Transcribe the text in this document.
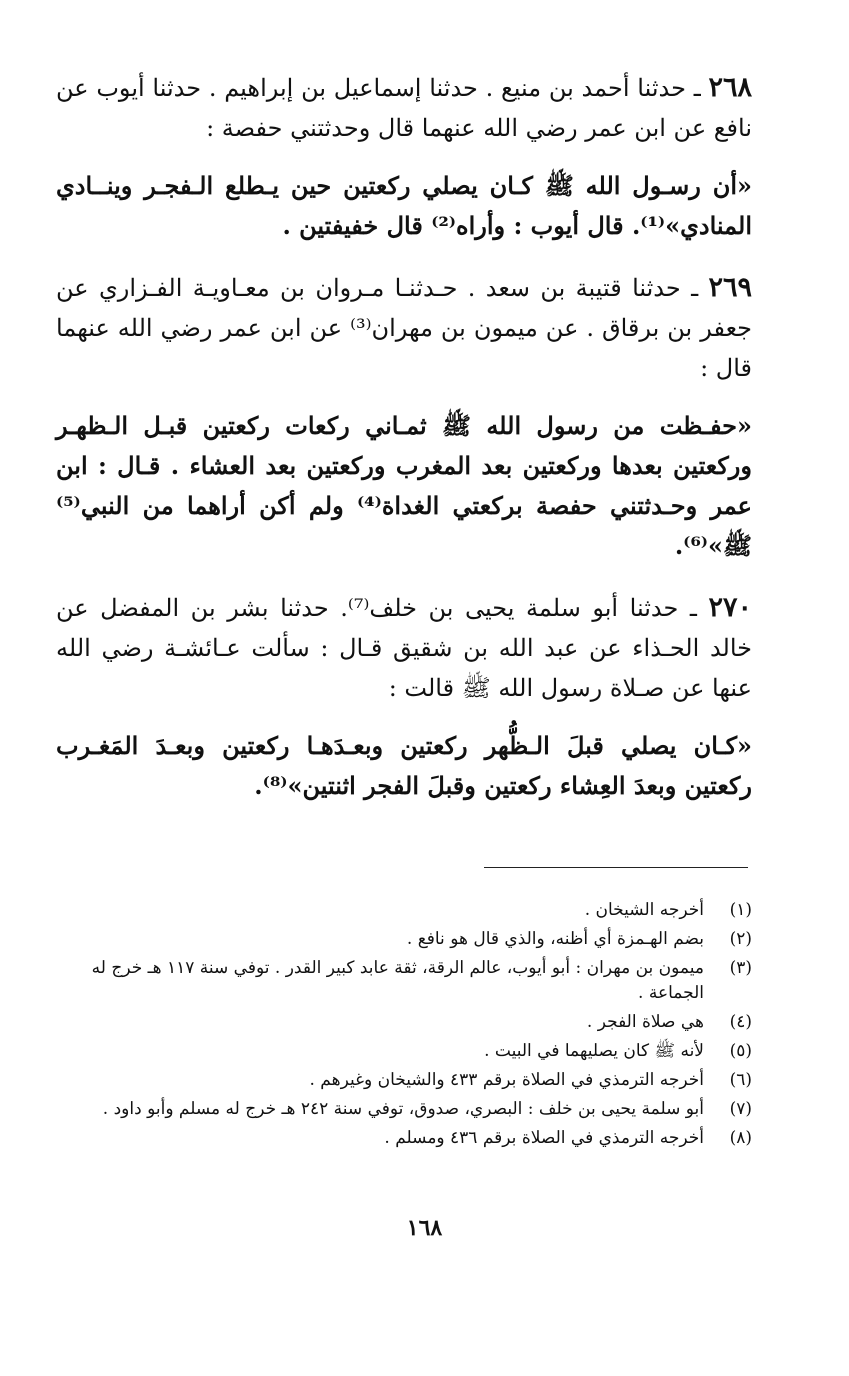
٢٦٨ ـ حدثنا أحمد بن منيع . حدثنا إسماعيل بن إبراهيم . حدثنا أيوب عن نافع عن ابن عمر رضي الله عنهما قال وحدثتني حفصة :

«أن رسـول الله ﷺ كـان يصلي ركعتين حين يـطلع الـفجـر وينــادي المنادي»⁽¹⁾. قال أيوب : وأراه⁽²⁾ قال خفيفتين .

٢٦٩ ـ حدثنا قتيبة بن سعد . حـدثنـا مـروان بن معـاويـة الفـزاري عن جعفر بن برقاق . عن ميمون بن مهران⁽³⁾ عن ابن عمر رضي الله عنهما قال :

«حفـظت من رسول الله ﷺ ثمـاني ركعات ركعتين قبـل الـظهـر وركعتين بعدها وركعتين بعد المغرب وركعتين بعد العشاء . قـال : ابن عمر وحـدثتني حفصة بركعتي الغداة⁽⁴⁾ ولم أكن أراهما من النبي⁽⁵⁾ ﷺ»⁽⁶⁾.

٢٧٠ ـ حدثنا أبو سلمة يحيى بن خلف⁽⁷⁾. حدثنا بشر بن المفضل عن خالد الحـذاء عن عبد الله بن شقيق قـال : سألت عـائشـة رضي الله عنها عن صـلاة رسول الله ﷺ قالت :

«كـان يصلي قبلَ الـظُّهر ركعتين وبعـدَهـا ركعتين وبعـدَ المَغـرب ركعتين وبعدَ العِشاء ركعتين وقبلَ الفجر اثنتين»⁽⁸⁾.

(١)
أخرجه الشيخان .
(٢)
بضم الهـمزة أي أظنه، والذي قال هو نافع .
(٣)
ميمون بن مهران : أبو أيوب، عالم الرقة، ثقة عابد كبير القدر . توفي سنة ١١٧ هـ خرج له الجماعة .
(٤)
هي صلاة الفجر .
(٥)
لأنه ﷺ كان يصليهما في البيت .
(٦)
أخرجه الترمذي في الصلاة برقم ٤٣٣ والشيخان وغيرهم .
(٧)
أبو سلمة يحيى بن خلف : البصري، صدوق، توفي سنة ٢٤٢ هـ خرج له مسلم وأبو داود .
(٨)
أخرجه الترمذي في الصلاة برقم ٤٣٦ ومسلم .
١٦٨
